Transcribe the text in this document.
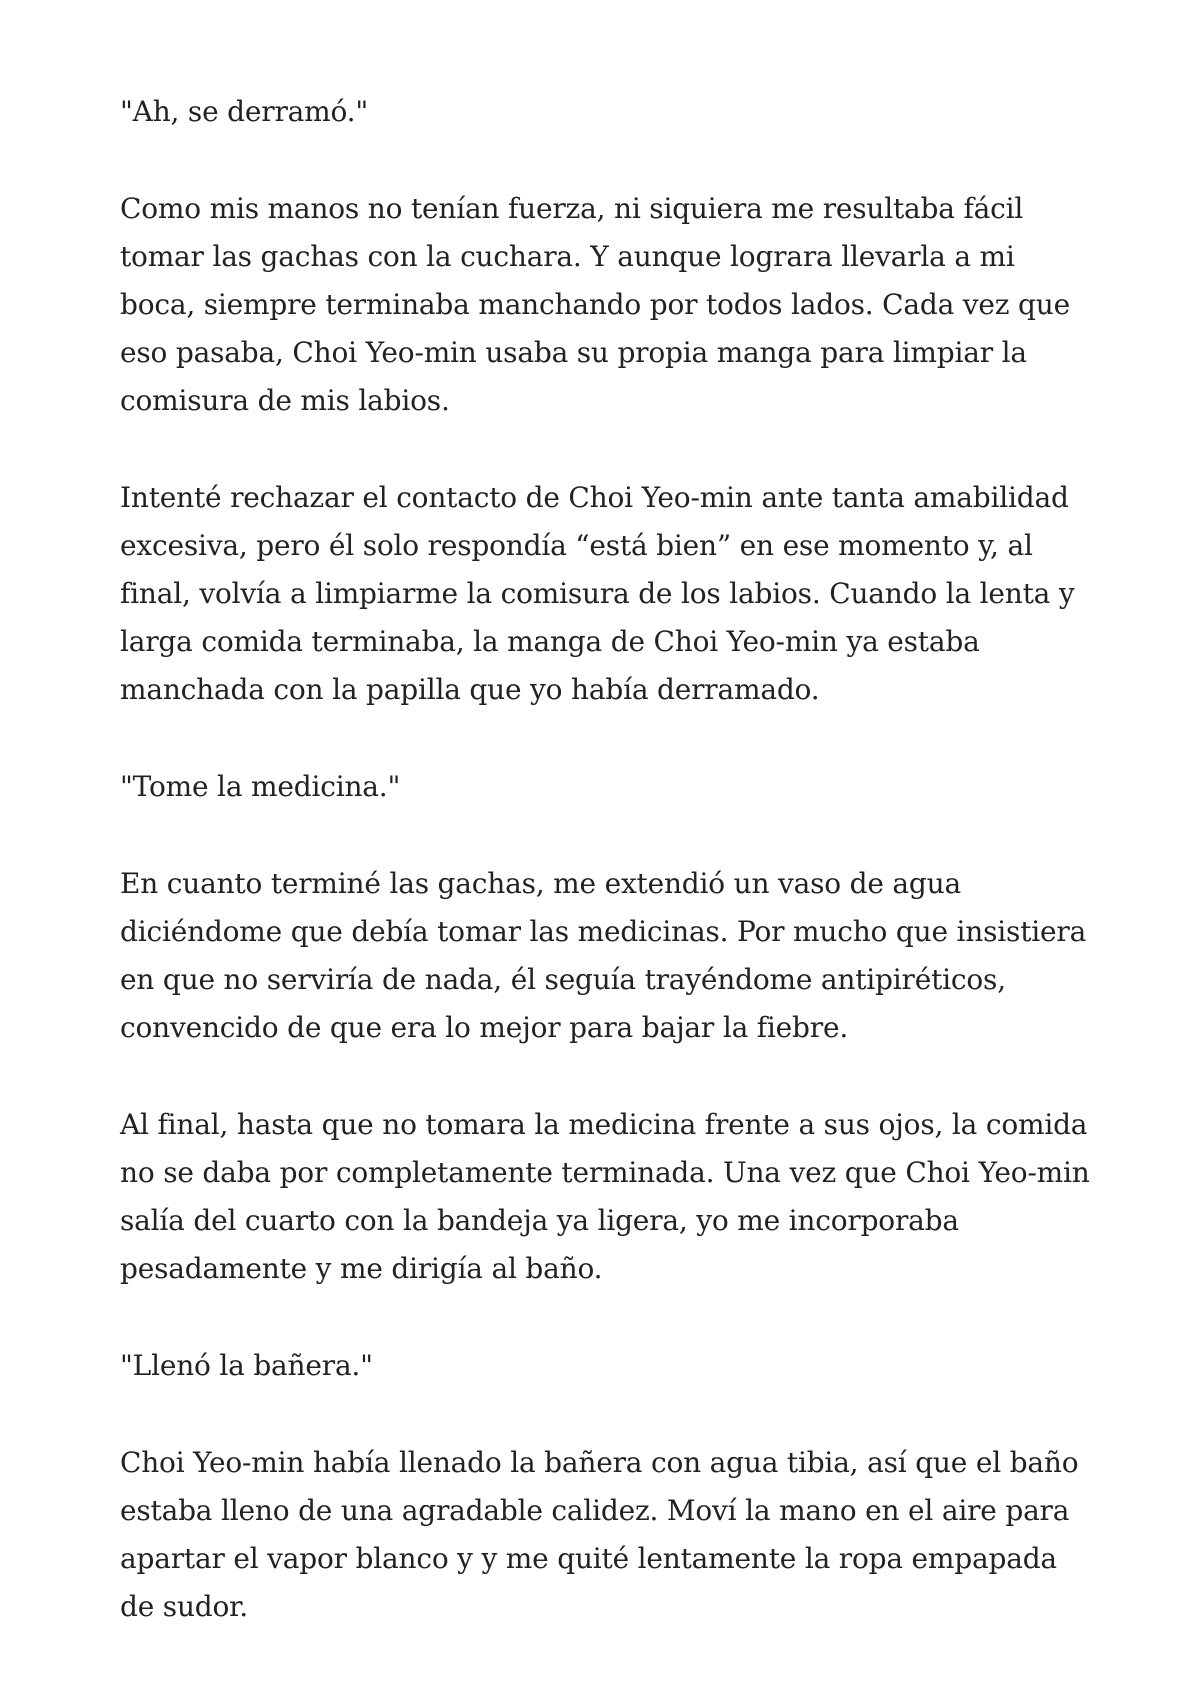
"Ah, se derramó."

Como mis manos no tenían fuerza, ni siquiera me resultaba fácil tomar las gachas con la cuchara. Y aunque lograra llevarla a mi boca, siempre terminaba manchando por todos lados. Cada vez que eso pasaba, Choi Yeo-min usaba su propia manga para limpiar la comisura de mis labios.

Intenté rechazar el contacto de Choi Yeo-min ante tanta amabilidad excesiva, pero él solo respondía “está bien” en ese momento y, al final, volvía a limpiarme la comisura de los labios. Cuando la lenta y larga comida terminaba, la manga de Choi Yeo-min ya estaba manchada con la papilla que yo había derramado.

"Tome la medicina."

En cuanto terminé las gachas, me extendió un vaso de agua diciéndome que debía tomar las medicinas. Por mucho que insistiera en que no serviría de nada, él seguía trayéndome antipiréticos, convencido de que era lo mejor para bajar la fiebre.

Al final, hasta que no tomara la medicina frente a sus ojos, la comida no se daba por completamente terminada. Una vez que Choi Yeo-min salía del cuarto con la bandeja ya ligera, yo me incorporaba pesadamente y me dirigía al baño.

"Llenó la bañera."

Choi Yeo-min había llenado la bañera con agua tibia, así que el baño estaba lleno de una agradable calidez. Moví la mano en el aire para apartar el vapor blanco y y me quité lentamente la ropa empapada de sudor.
